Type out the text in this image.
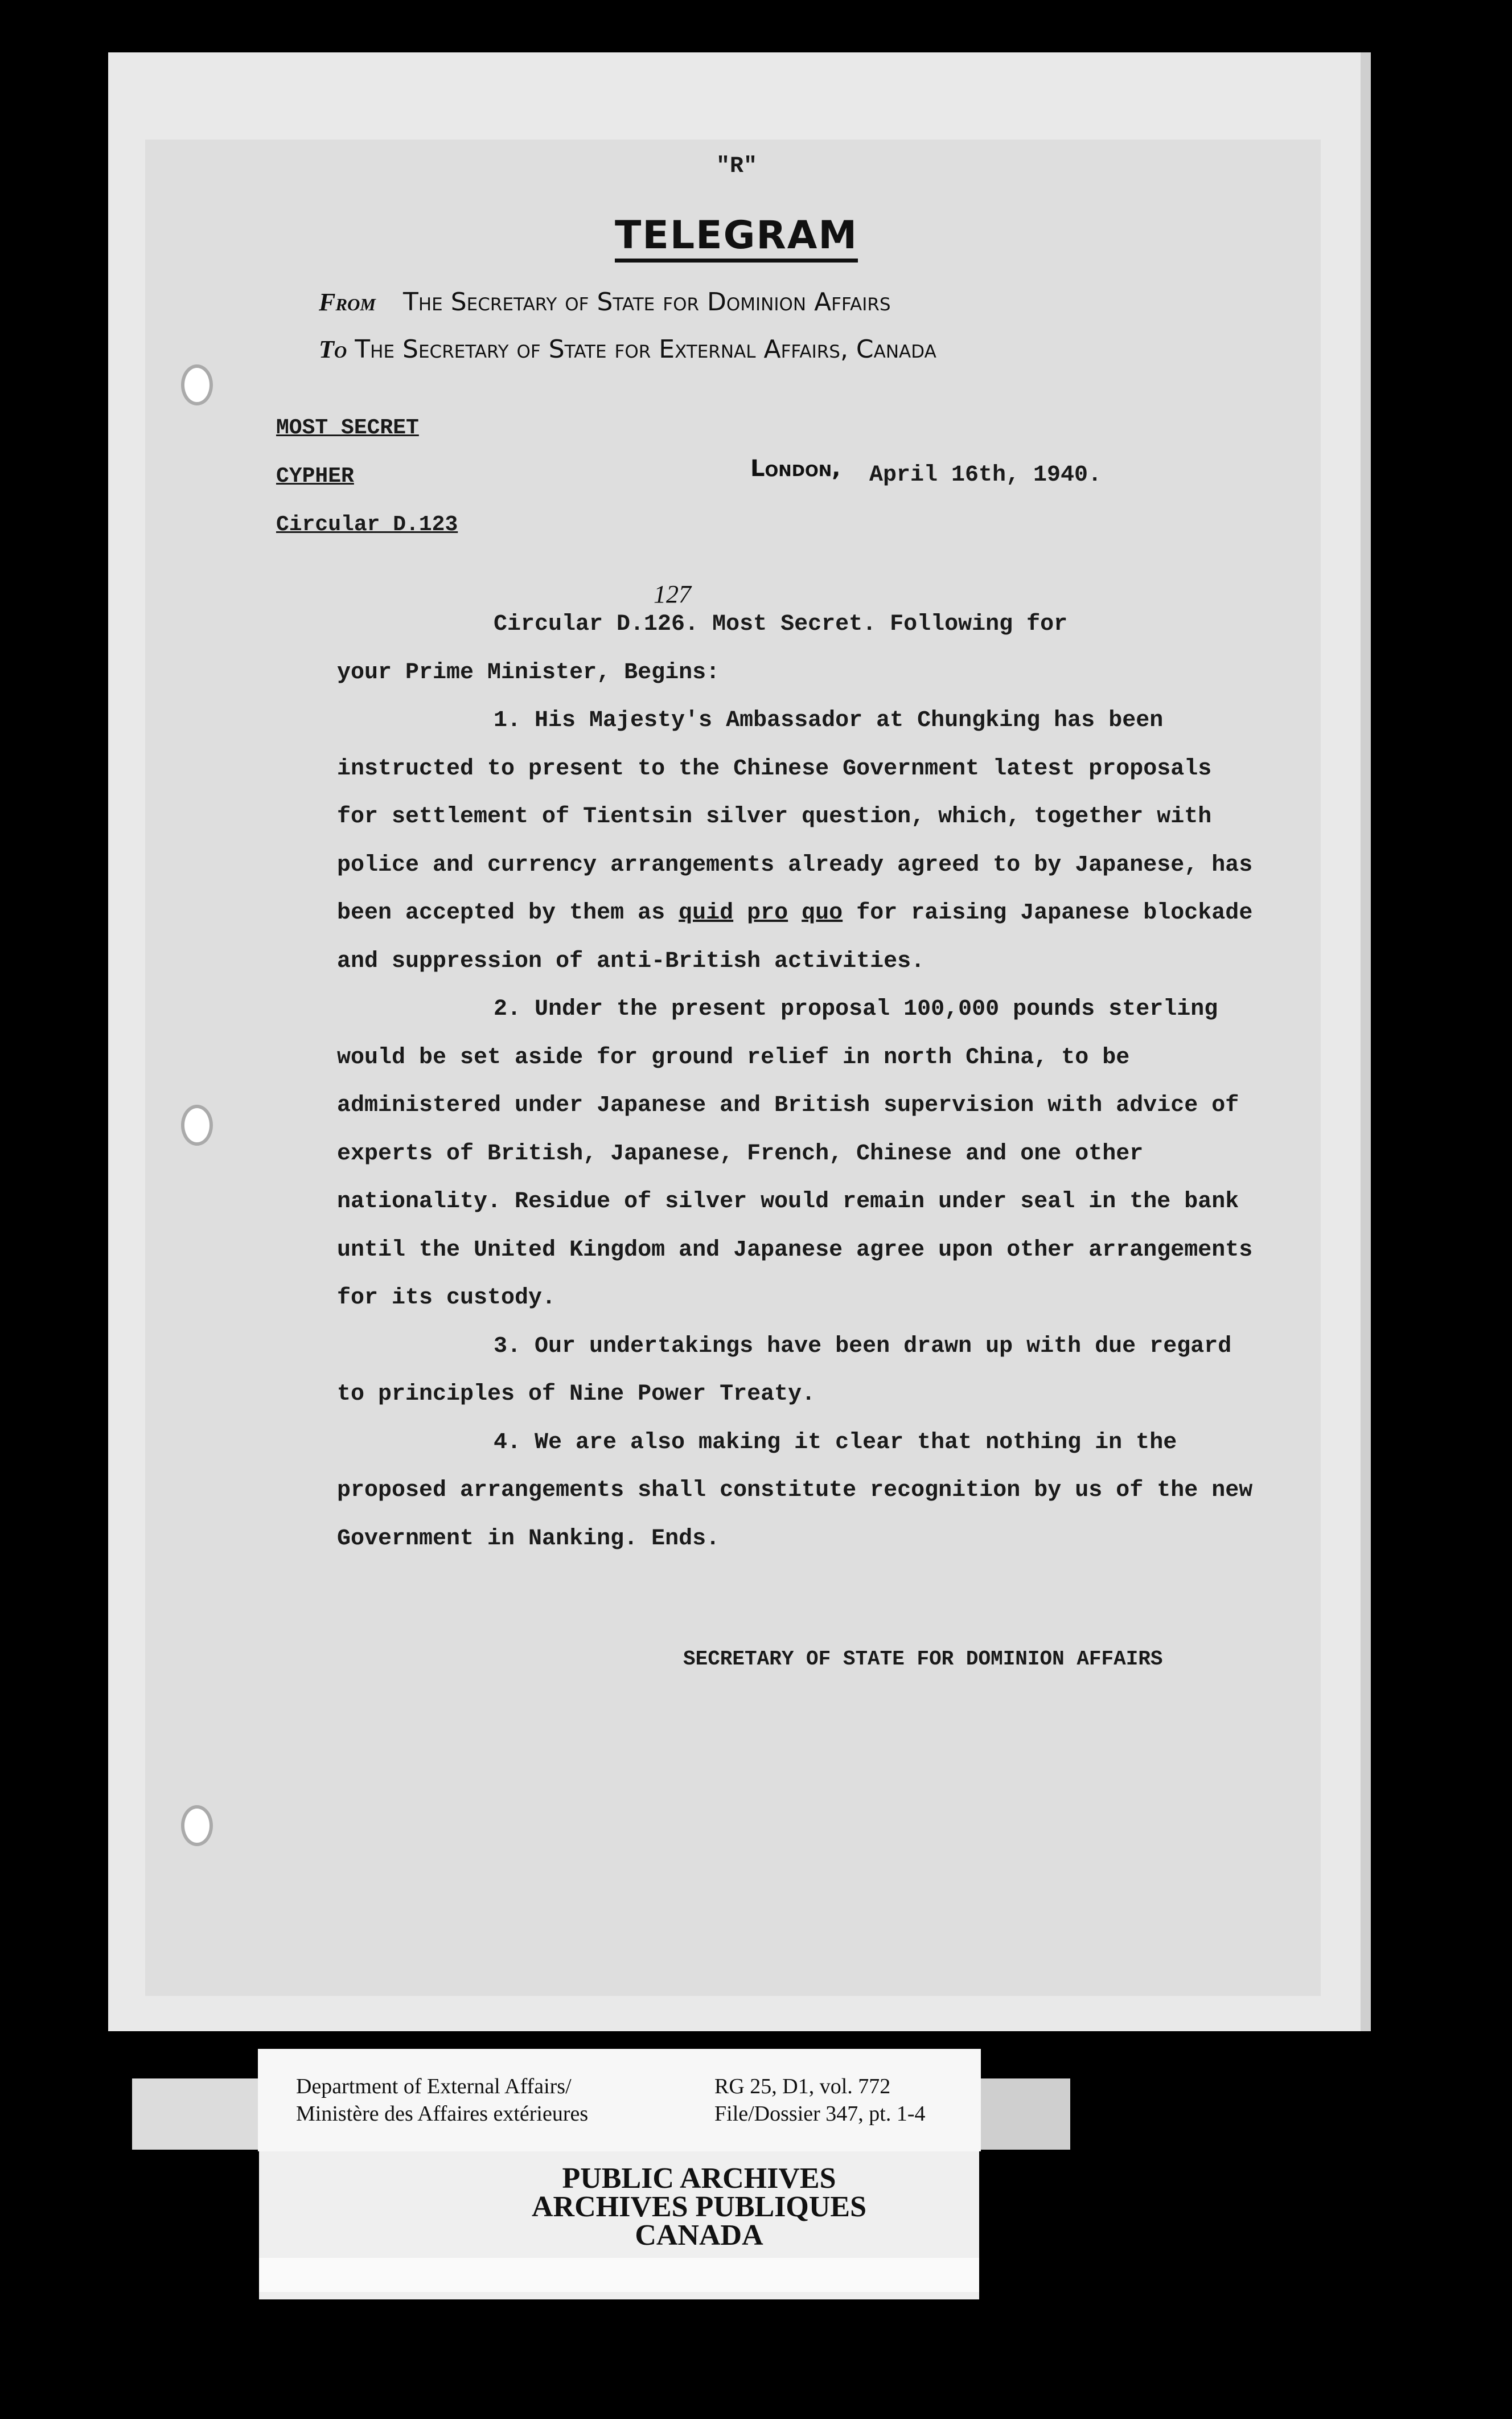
"R"
TELEGRAM
From The Secretary of State for Dominion Affairs
To The Secretary of State for External Affairs, Canada
MOST SECRET
CYPHER
Circular D.123
London, April 16th, 1940.
127

Circular D.126. Most Secret. Following for
your Prime Minister, Begins:

1. His Majesty's Ambassador at Chungking has been instructed to present to the Chinese Government latest proposals for settlement of Tientsin silver question, which, together with police and currency arrangements already agreed to by Japanese, has been accepted by them as quid pro quo for raising Japanese blockade and suppression of anti-British activities.

2. Under the present proposal 100,000 pounds sterling would be set aside for ground relief in north China, to be administered under Japanese and British supervision with advice of experts of British, Japanese, French, Chinese and one other nationality. Residue of silver would remain under seal in the bank until the United Kingdom and Japanese agree upon other arrangements for its custody.

3. Our undertakings have been drawn up with due regard to principles of Nine Power Treaty.

4. We are also making it clear that nothing in the proposed arrangements shall constitute recognition by us of the new Government in Nanking. Ends.

SECRETARY OF STATE FOR DOMINION AFFAIRS
Department of External Affairs/
Ministère des Affaires extérieures
RG 25, D1, vol. 772
File/Dossier 347, pt. 1-4
PUBLIC ARCHIVES
ARCHIVES PUBLIQUES
CANADA
